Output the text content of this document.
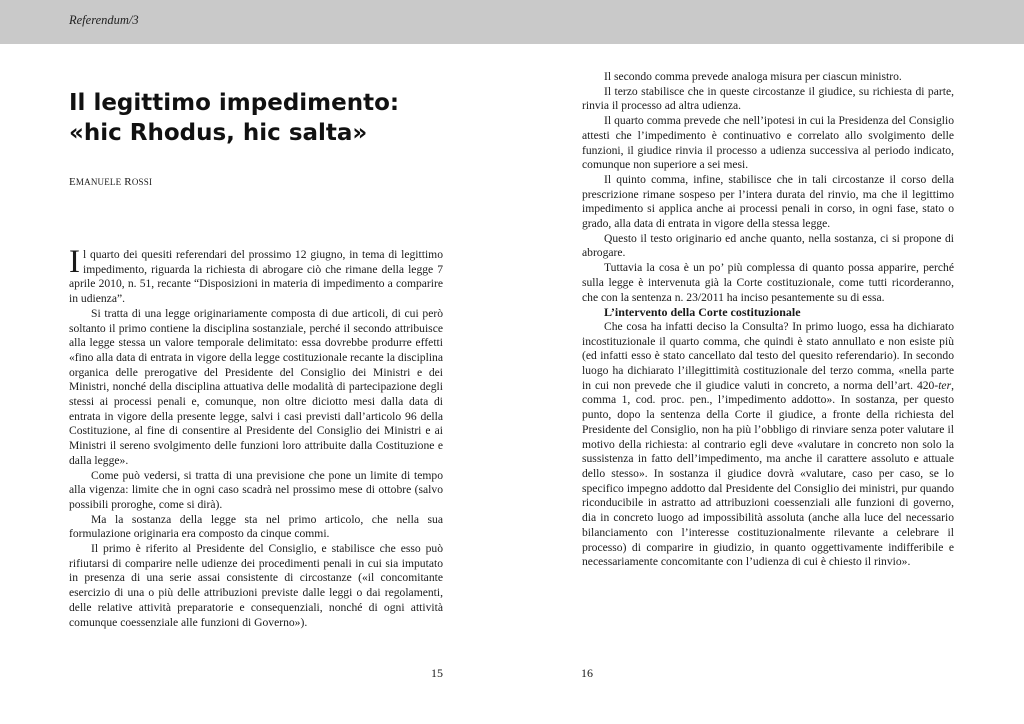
Referendum/3
Il legittimo impedimento:
«hic Rhodus, hic salta»
EMANUELE ROSSI

Il quarto dei quesiti referendari del prossimo 12 giugno, in tema di legittimo impedimento, riguarda la richiesta di abrogare ciò che rimane della legge 7 aprile 2010, n. 51, recante “Disposizioni in materia di impedimento a comparire in udienza”.

Si tratta di una legge originariamente composta di due articoli, di cui però soltanto il primo contiene la disciplina sostanziale, perché il secondo attribuisce alla legge stessa un valore temporale delimitato: essa dovrebbe produrre effetti «fino alla data di entrata in vigore della legge costituzionale recante la disciplina organica delle prerogative del Presidente del Consiglio dei Ministri e dei Ministri, nonché della disciplina attuativa delle modalità di partecipazione degli stessi ai processi penali e, comunque, non oltre diciotto mesi dalla data di entrata in vigore della presente legge, salvi i casi previsti dall’articolo 96 della Costituzione, al fine di consentire al Presidente del Consiglio dei Ministri e ai Ministri il sereno svolgimento delle funzioni loro attribuite dalla Costituzione e dalla legge».

Come può vedersi, si tratta di una previsione che pone un limite di tempo alla vigenza: limite che in ogni caso scadrà nel prossimo mese di ottobre (salvo possibili proroghe, come si dirà).

Ma la sostanza della legge sta nel primo articolo, che nella sua formulazione originaria era composto da cinque commi.

Il primo è riferito al Presidente del Consiglio, e stabilisce che esso può rifiutarsi di comparire nelle udienze dei procedimenti penali in cui sia imputato in presenza di una serie assai consistente di circostanze («il concomitante esercizio di una o più delle attribuzioni previste dalle leggi o dai regolamenti, delle relative attività preparatorie e consequenziali, nonché di ogni attività comunque coessenziale alle funzioni di Governo»).

Il secondo comma prevede analoga misura per ciascun ministro.

Il terzo stabilisce che in queste circostanze il giudice, su richiesta di parte, rinvia il processo ad altra udienza.

Il quarto comma prevede che nell’ipotesi in cui la Presidenza del Consiglio attesti che l’impedimento è continuativo e correlato allo svolgimento delle funzioni, il giudice rinvia il processo a udienza successiva al periodo indicato, comunque non superiore a sei mesi.

Il quinto comma, infine, stabilisce che in tali circostanze il corso della prescrizione rimane sospeso per l’intera durata del rinvio, ma che il legittimo impedimento si applica anche ai processi penali in corso, in ogni fase, stato o grado, alla data di entrata in vigore della stessa legge.

Questo il testo originario ed anche quanto, nella sostanza, ci si propone di abrogare.

Tuttavia la cosa è un po’ più complessa di quanto possa apparire, perché sulla legge è intervenuta già la Corte costituzionale, come tutti ricorderanno, che con la sentenza n. 23/2011 ha inciso pesantemente su di essa.

L’intervento della Corte costituzionale

Che cosa ha infatti deciso la Consulta? In primo luogo, essa ha dichiarato incostituzionale il quarto comma, che quindi è stato annullato e non esiste più (ed infatti esso è stato cancellato dal testo del quesito referendario). In secondo luogo ha dichiarato l’illegittimità costituzionale del terzo comma, «nella parte in cui non prevede che il giudice valuti in concreto, a norma dell’art. 420-ter, comma 1, cod. proc. pen., l’impedimento addotto». In sostanza, per questo punto, dopo la sentenza della Corte il giudice, a fronte della richiesta del Presidente del Consiglio, non ha più l’obbligo di rinviare senza poter valutare il motivo della richiesta: al contrario egli deve «valutare in concreto non solo la sussistenza in fatto dell’impedimento, ma anche il carattere assoluto e attuale dello stesso». In sostanza il giudice dovrà «valutare, caso per caso, se lo specifico impegno addotto dal Presidente del Consiglio dei ministri, pur quando riconducibile in astratto ad attribuzioni coessenziali alle funzioni di governo, dia in concreto luogo ad impossibilità assoluta (anche alla luce del necessario bilanciamento con l’interesse costituzionalmente rilevante a celebrare il processo) di comparire in giudizio, in quanto oggettivamente indifferibile e necessariamente concomitante con l’udienza di cui è chiesto il rinvio».

15	16
